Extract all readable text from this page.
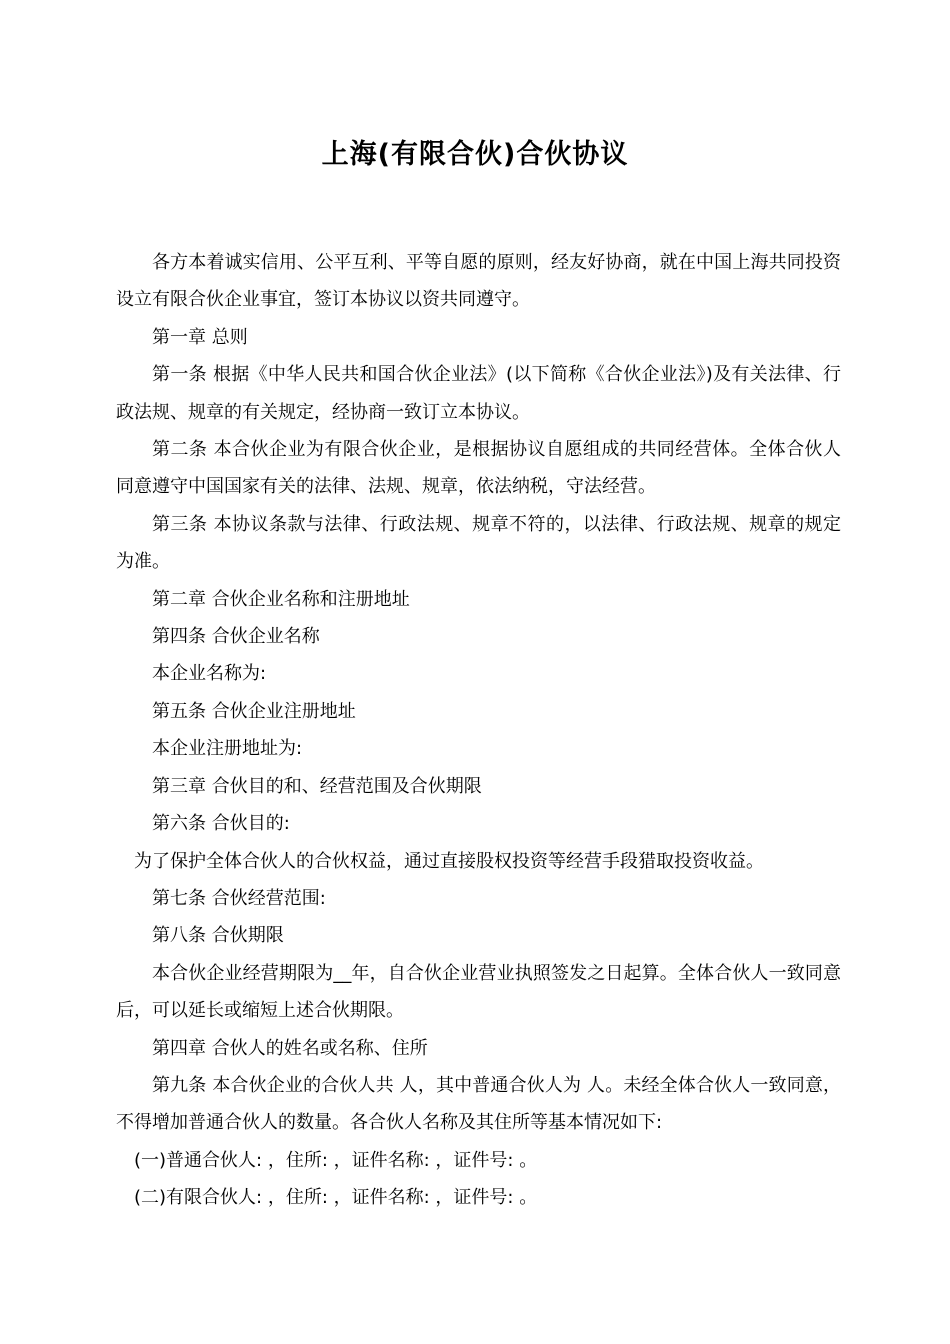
上海(有限合伙)合伙协议

各方本着诚实信用、公平互利、平等自愿的原则，经友好协商，就在中国上海共同投资设立有限合伙企业事宜，签订本协议以资共同遵守。

第一章 总则

第一条 根据《中华人民共和国合伙企业法》(以下简称《合伙企业法》)及有关法律、行政法规、规章的有关规定，经协商一致订立本协议。

第二条 本合伙企业为有限合伙企业，是根据协议自愿组成的共同经营体。全体合伙人同意遵守中国国家有关的法律、法规、规章，依法纳税，守法经营。

第三条 本协议条款与法律、行政法规、规章不符的，以法律、行政法规、规章的规定为准。

第二章 合伙企业名称和注册地址

第四条 合伙企业名称

本企业名称为:

第五条 合伙企业注册地址

本企业注册地址为:

第三章 合伙目的和、经营范围及合伙期限

第六条 合伙目的:

为了保护全体合伙人的合伙权益，通过直接股权投资等经营手段猎取投资收益。

第七条 合伙经营范围:

第八条 合伙期限

本合伙企业经营期限为__年，自合伙企业营业执照签发之日起算。全体合伙人一致同意后，可以延长或缩短上述合伙期限。

第四章 合伙人的姓名或名称、住所

第九条 本合伙企业的合伙人共 人，其中普通合伙人为 人。未经全体合伙人一致同意，不得增加普通合伙人的数量。各合伙人名称及其住所等基本情况如下:

(一)普通合伙人: ，住所: ，证件名称: ，证件号: 。

(二)有限合伙人: ，住所: ，证件名称: ，证件号: 。
